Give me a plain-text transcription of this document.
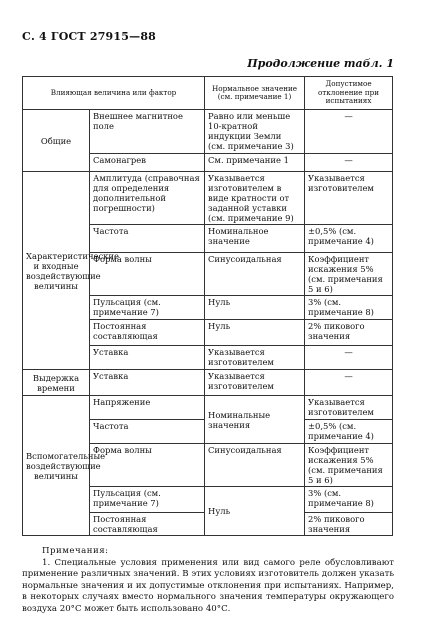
С. 4 ГОСТ 27915—88
Продолжение табл. 1
Влияющая величина или фактор		Нормальное значение (см. примечание 1)	Допустимое отклонение при испытаниях
Общие	Внешнее магнитное поле	Равно или меньше 10-кратной индукции Земли (см. примечание 3)	—
	Самонагрев	См. примечание 1	—
Характеристические и входные воздействующие величины	Амплитуда (справочная для определения дополнительной погрешности)	Указывается изготовителем в виде кратности от заданной уставки (см. примечание 9)	Указывается изготовителем
	Частота	Номинальное значение	±0,5% (см. примечание 4)
	Форма волны	Синусоидальная	Коэффициент искажения 5% (см. примечания 5 и 6)
	Пульсация (см. примечание 7)	Нуль	3% (см. примечание 8)
	Постоянная составляющая	Нуль	2% пикового значения
	Уставка	Указывается изготовителем	—
Выдержка времени	Уставка	Указывается изготовителем	—
Вспомогательные воздействующие величины	Напряжение	Номинальные значения	Указывается изготовителем
	Частота		±0,5% (см. примечание 4)
	Форма волны	Синусоидальная	Коэффициент искажения 5% (см. примечания 5 и 6)
	Пульсация (см. примечание 7)	Нуль	3% (см. примечание 8)
	Постоянная составляющая		2% пикового значения
Примечания:
1. Специальные условия применения или вид самого реле обусловливают применение различных значений. В этих условиях изготовитель должен указать нормальные значения и их допустимые отклонения при испытаниях. Например, в некоторых случаях вместо нормального значения температуры окружающего воздуха 20°С может быть использовано 40°С.
